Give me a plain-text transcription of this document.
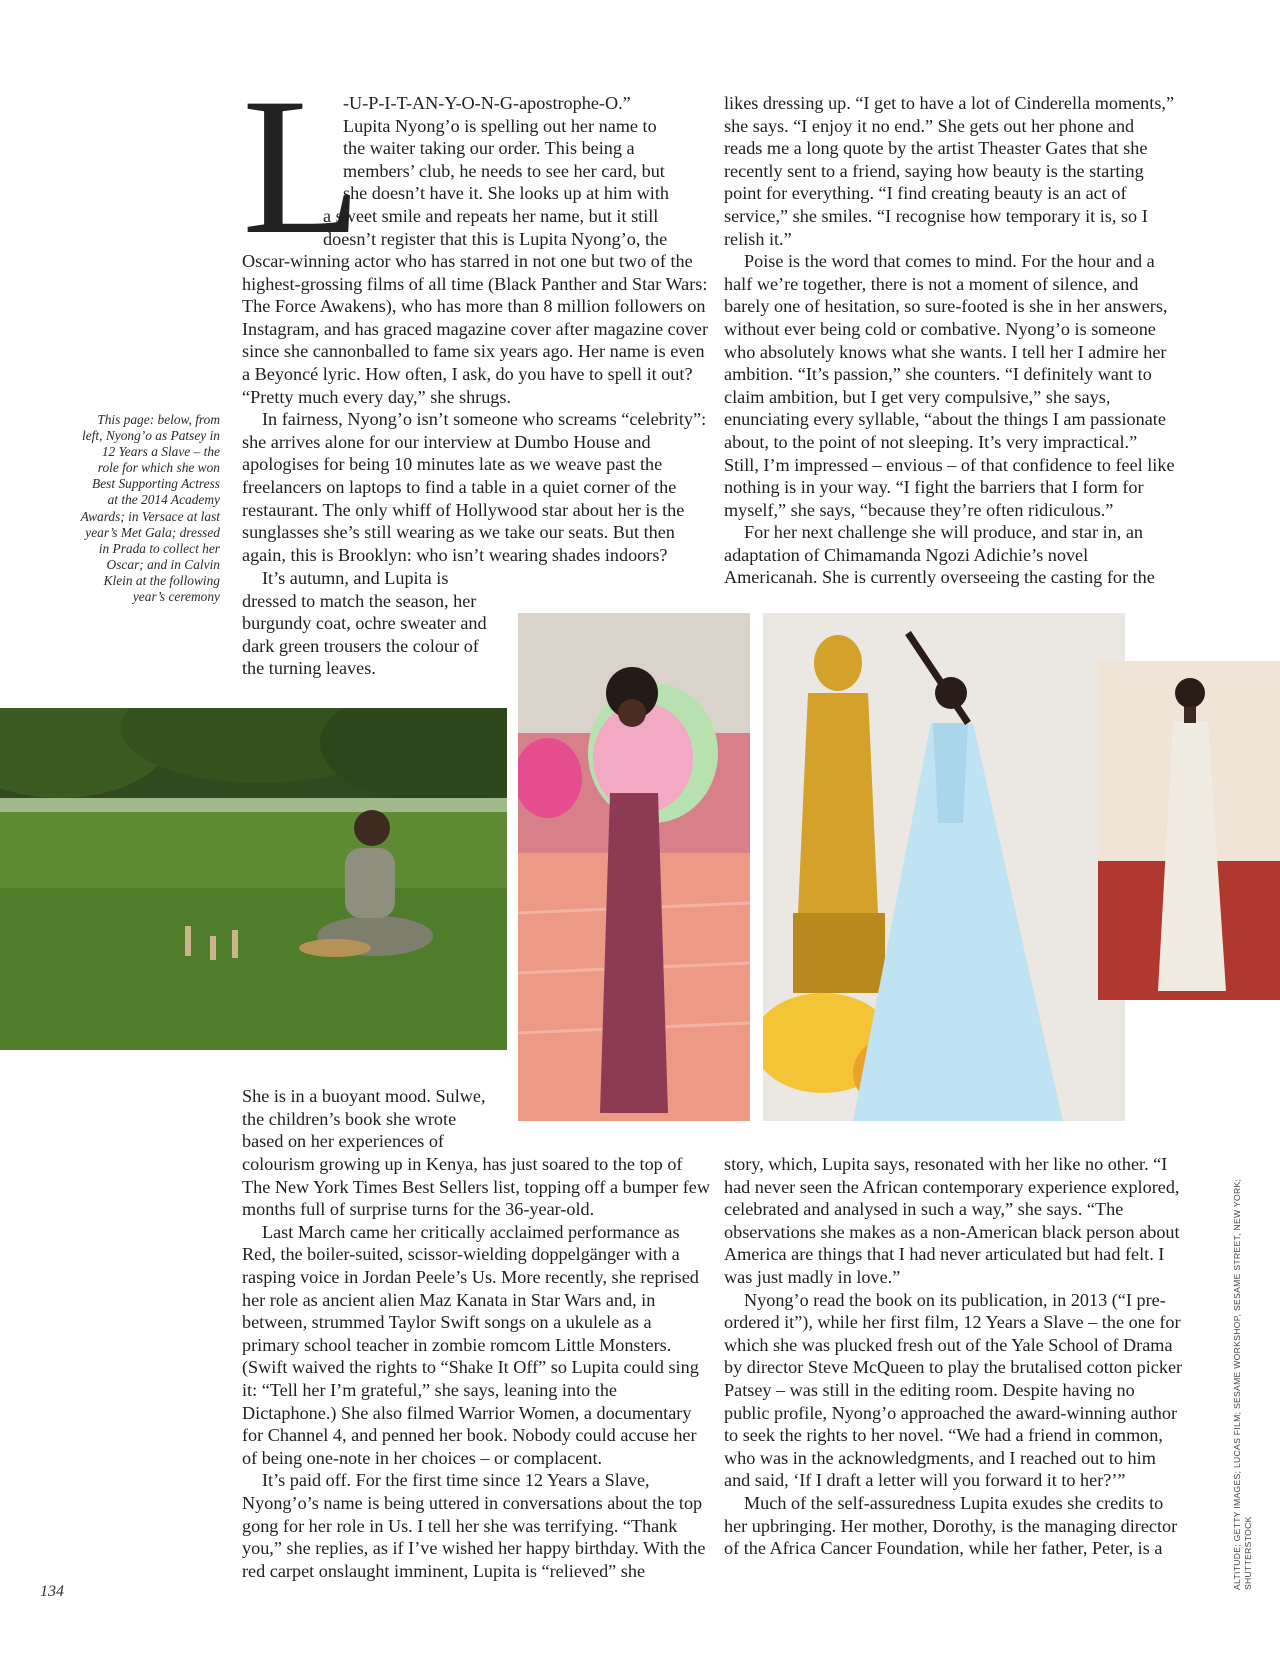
L
-U-P-I-T-AN-Y-O-N-G-apostrophe-O.”
Lupita Nyong’o is spelling out her name to
the waiter taking our order. This being a
members’ club, he needs to see her card, but
she doesn’t have it. She looks up at him with
a sweet smile and repeats her name, but it still
doesn’t register that this is Lupita Nyong’o, the

Oscar-winning actor who has starred in not one but two of the highest-grossing films of all time (Black Panther and Star Wars: The Force Awakens), who has more than 8 million followers on Instagram, and has graced magazine cover after magazine cover since she cannonballed to fame six years ago. Her name is even a Beyoncé lyric. How often, I ask, do you have to spell it out? “Pretty much every day,” she shrugs.

In fairness, Nyong’o isn’t someone who screams “celebrity”: she arrives alone for our interview at Dumbo House and apologises for being 10 minutes late as we weave past the freelancers on laptops to find a table in a quiet corner of the restaurant. The only whiff of Hollywood star about her is the sunglasses she’s still wearing as we take our seats. But then again, this is Brooklyn: who isn’t wearing shades indoors?

It’s autumn, and Lupita is dressed to match the season, her burgundy coat, ochre sweater and dark green trousers the colour of the turning leaves.

likes dressing up. “I get to have a lot of Cinderella moments,” she says. “I enjoy it no end.” She gets out her phone and reads me a long quote by the artist Theaster Gates that she recently sent to a friend, saying how beauty is the starting point for everything. “I find creating beauty is an act of service,” she smiles. “I recognise how temporary it is, so I relish it.”

Poise is the word that comes to mind. For the hour and a half we’re together, there is not a moment of silence, and barely one of hesitation, so sure-footed is she in her answers, without ever being cold or combative. Nyong’o is someone who absolutely knows what she wants. I tell her I admire her ambition. “It’s passion,” she counters. “I definitely want to claim ambition, but I get very compulsive,” she says, enunciating every syllable, “about the things I am passionate about, to the point of not sleeping. It’s very impractical.” Still, I’m impressed – envious – of that confidence to feel like nothing is in your way. “I fight the barriers that I form for myself,” she says, “because they’re often ridiculous.”

For her next challenge she will produce, and star in, an adaptation of Chimamanda Ngozi Adichie’s novel Americanah. She is currently overseeing the casting for the

This page: below, from left, Nyong’o as Patsey in 12 Years a Slave – the role for which she won Best Supporting Actress at the 2014 Academy Awards; in Versace at last year’s Met Gala; dressed in Prada to collect her Oscar; and in Calvin Klein at the following year’s ceremony

She is in a buoyant mood. Sulwe, the children’s book she wrote based on her experiences of

colourism growing up in Kenya, has just soared to the top of The New York Times Best Sellers list, topping off a bumper few months full of surprise turns for the 36-year-old.

Last March came her critically acclaimed performance as Red, the boiler-suited, scissor-wielding doppelgänger with a rasping voice in Jordan Peele’s Us. More recently, she reprised her role as ancient alien Maz Kanata in Star Wars and, in between, strummed Taylor Swift songs on a ukulele as a primary school teacher in zombie romcom Little Monsters. (Swift waived the rights to “Shake It Off” so Lupita could sing it: “Tell her I’m grateful,” she says, leaning into the Dictaphone.) She also filmed Warrior Women, a documentary for Channel 4, and penned her book. Nobody could accuse her of being one-note in her choices – or complacent.

It’s paid off. For the first time since 12 Years a Slave, Nyong’o’s name is being uttered in conversations about the top gong for her role in Us. I tell her she was terrifying. “Thank you,” she replies, as if I’ve wished her happy birthday. With the red carpet onslaught imminent, Lupita is “relieved” she

story, which, Lupita says, resonated with her like no other. “I had never seen the African contemporary experience explored, celebrated and analysed in such a way,” she says. “The observations she makes as a non-American black person about America are things that I had never articulated but had felt. I was just madly in love.”

Nyong’o read the book on its publication, in 2013 (“I pre-ordered it”), while her first film, 12 Years a Slave – the one for which she was plucked fresh out of the Yale School of Drama by director Steve McQueen to play the brutalised cotton picker Patsey – was still in the editing room. Despite having no public profile, Nyong’o approached the award-winning author to seek the rights to her novel. “We had a friend in common, who was in the acknowledgments, and I reached out to him and said, ‘If I draft a letter will you forward it to her?’”

Much of the self-assuredness Lupita exudes she credits to her upbringing. Her mother, Dorothy, is the managing director of the Africa Cancer Foundation, while her father, Peter, is a	ALTITUDE; GETTY IMAGES; LUCAS FILM; SESAME WORKSHOP, SESAME STREET, NEW YORK; SHUTTERSTOCK
134
